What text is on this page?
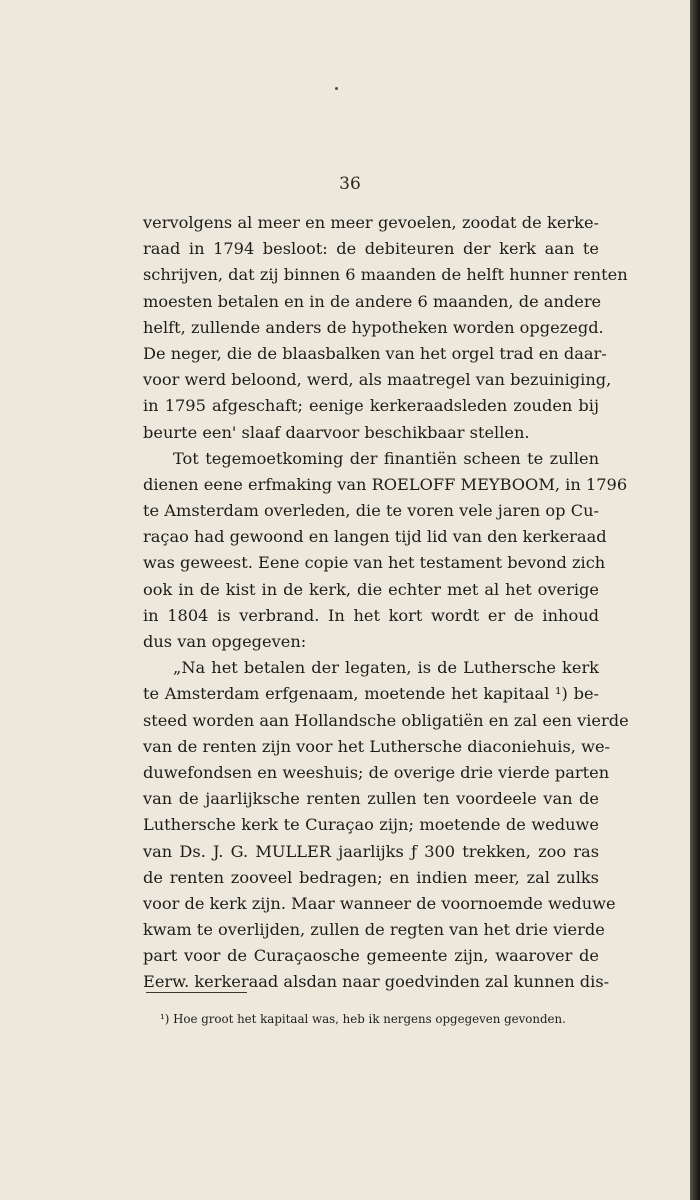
36
vervolgens al meer en meer gevoelen, zoodat de kerke-
raad in 1794 besloot: de debiteuren der kerk aan te
schrijven, dat zij binnen 6 maanden de helft hunner renten
moesten betalen en in de andere 6 maanden, de andere
helft, zullende anders de hypotheken worden opgezegd.
De neger, die de blaasbalken van het orgel trad en daar-
voor werd beloond, werd, als maatregel van bezuiniging,
in 1795 afgeschaft; eenige kerkeraadsleden zouden bij
beurte een' slaaf daarvoor beschikbaar stellen.
Tot tegemoetkoming der finantiën scheen te zullen
dienen eene erfmaking van ROELOFF MEYBOOM, in 1796
te Amsterdam overleden, die te voren vele jaren op Cu-
raçao had gewoond en langen tijd lid van den kerkeraad
was geweest. Eene copie van het testament bevond zich
ook in de kist in de kerk, die echter met al het overige
in 1804 is verbrand. In het kort wordt er de inhoud
dus van opgegeven:
„Na het betalen der legaten, is de Luthersche kerk
te Amsterdam erfgenaam, moetende het kapitaal ¹) be-
steed worden aan Hollandsche obligatiën en zal een vierde
van de renten zijn voor het Luthersche diaconiehuis, we-
duwefondsen en weeshuis; de overige drie vierde parten
van de jaarlijksche renten zullen ten voordeele van de
Luthersche kerk te Curaçao zijn; moetende de weduwe
van Ds. J. G. MULLER jaarlijks ƒ 300 trekken, zoo ras
de renten zooveel bedragen; en indien meer, zal zulks
voor de kerk zijn. Maar wanneer de voornoemde weduwe
kwam te overlijden, zullen de regten van het drie vierde
part voor de Curaçaosche gemeente zijn, waarover de
Eerw. kerkeraad alsdan naar goedvinden zal kunnen dis-
¹) Hoe groot het kapitaal was, heb ik nergens opgegeven gevonden.
